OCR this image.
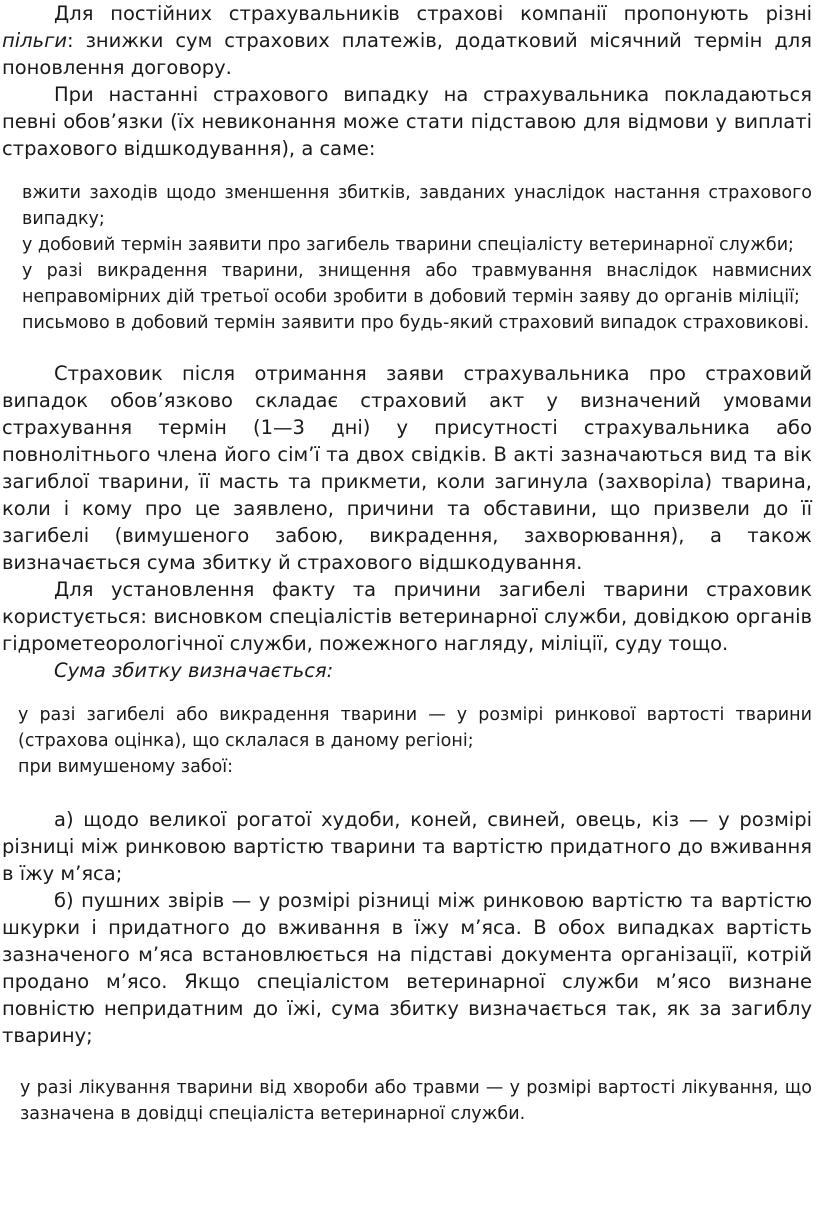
Для постійних страхувальників страхові компанії пропонують різні пільги: знижки сум страхових платежів, додатковий місячний термін для поновлення договору.

При настанні страхового випадку на страхувальника покладаються певні обов’язки (їх невиконання може стати підставою для відмови у виплаті страхового відшкодування), а саме:

вжити заходів щодо зменшення збитків, завданих унаслідок настання страхового випадку;
у добовий термін заявити про загибель тварини спеціалісту ветеринарної служби;
у разі викрадення тварини, знищення або травмування внаслідок навмисних неправомірних дій третьої особи зробити в добовий термін заяву до органів міліції;
письмово в добовий термін заявити про будь-який страховий випадок страховикові.

Страховик після отримання заяви страхувальника про страховий випадок обов’язково складає страховий акт у визначений умовами страхування термін (1—3 дні) у присутності страхувальника або повнолітнього члена його сім’ї та двох свідків. В акті зазначаються вид та вік загиблої тварини, її масть та прикмети, коли загинула (захворіла) тварина, коли і кому про це заявлено, причини та обставини, що призвели до її загибелі (вимушеного забою, викрадення, захворювання), а також визначається сума збитку й страхового відшкодування.

Для установлення факту та причини загибелі тварини страховик користується: висновком спеціалістів ветеринарної служби, довідкою органів гідрометеорологічної служби, пожежного нагляду, міліції, суду тощо.

Сума збитку визначається:

у разі загибелі або викрадення тварини — у розмірі ринкової вартості тварини (страхова оцінка), що склалася в даному регіоні;
при вимушеному забої:

а) щодо великої рогатої худоби, коней, свиней, овець, кіз — у розмірі різниці між ринковою вартістю тварини та вартістю придатного до вживання в їжу м’яса;

б) пушних звірів — у розмірі різниці між ринковою вартістю та вартістю шкурки і придатного до вживання в їжу м’яса. В обох випадках вартість зазначеного м’яса встановлюється на підставі документа організації, котрій продано м’ясо. Якщо спеціалістом ветеринарної служби м’ясо визнане повністю непридатним до їжі, сума збитку визначається так, як за загиблу тварину;

у разі лікування тварини від хвороби або травми — у розмірі вартості лікування, що зазначена в довідці спеціаліста ветеринарної служби.
